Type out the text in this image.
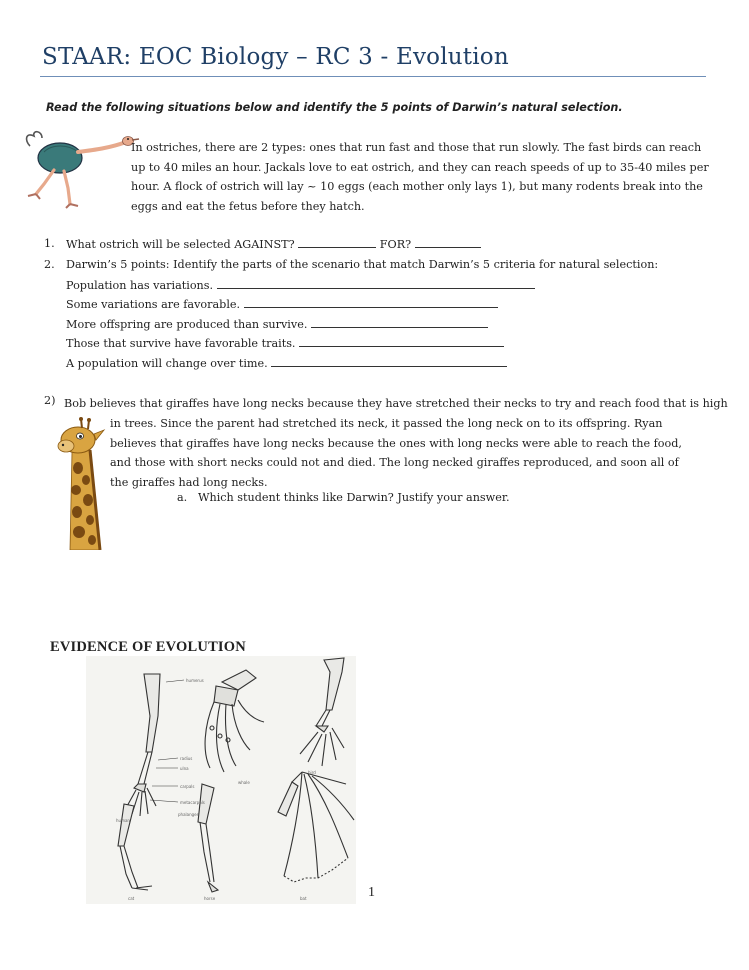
STAAR: EOC Biology – RC 3 - Evolution
Read the following situations below and identify the 5 points of Darwin’s natural selection.
In ostriches, there are 2 types: ones that run fast and those that run slowly. The fast birds can reach up to 40 miles an hour. Jackals love to eat ostrich, and they can reach speeds of up to 35-40 miles per hour. A flock of ostrich will lay ~ 10 eggs (each mother only lays 1), but many rodents break into the eggs and eat the fetus before they hatch.
1. What ostrich will be selected AGAINST?	FOR?
2. Darwin’s 5 points: Identify the parts of the scenario that match Darwin’s 5 criteria for natural selection:
Population has variations.
Some variations are favorable.
More offspring are produced than survive.
Those that survive have favorable traits.
A population will change over time.
2) Bob believes that giraffes have long necks because they have stretched their necks to try and reach food that is high
in trees. Since the parent had stretched its neck, it passed the long neck on to its offspring. Ryan believes that giraffes have long necks because the ones with long necks were able to reach the food, and those with short necks could not and died. The long necked giraffes reproduced, and soon all of the giraffes had long necks.
a. Which student thinks like Darwin? Justify your answer.
EVIDENCE OF EVOLUTION
humerus
radius
ulna
carpals
metacarpals
phalanges
human
whale
bird
cat	horse	bat	1
